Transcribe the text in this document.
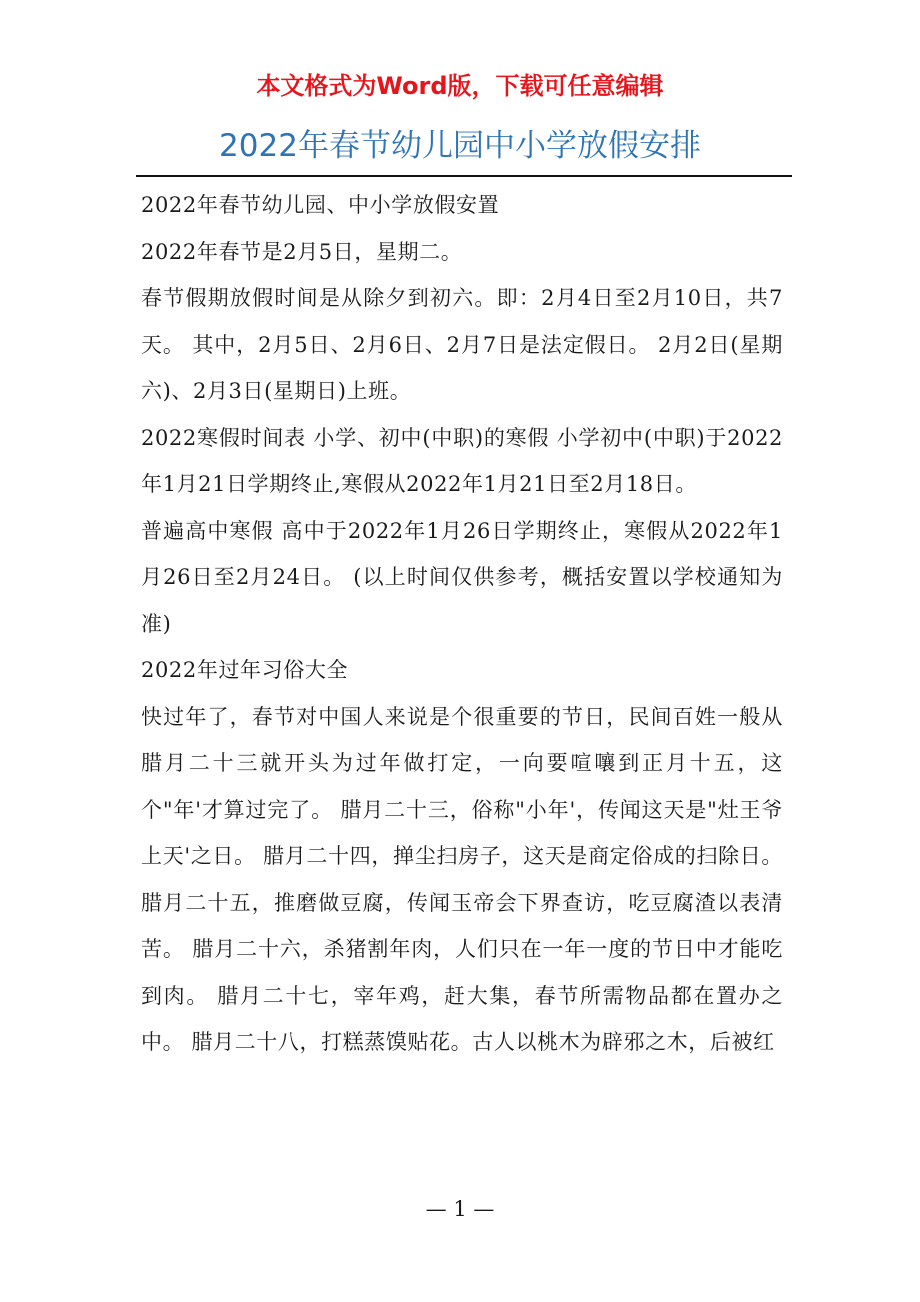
本文格式为Word版，下载可任意编辑
2022年春节幼儿园中小学放假安排

2022年春节幼儿园、中小学放假安置

2022年春节是2月5日，星期二。

春节假期放假时间是从除夕到初六。即：2月4日至2月10日，共7天。 其中，2月5日、2月6日、2月7日是法定假日。 2月2日(星期六)、2月3日(星期日)上班。

2022寒假时间表 小学、初中(中职)的寒假 小学初中(中职)于2022年1月21日学期终止,寒假从2022年1月21日至2月18日。

普遍高中寒假 高中于2022年1月26日学期终止，寒假从2022年1月26日至2月24日。 (以上时间仅供参考，概括安置以学校通知为准)

2022年过年习俗大全

快过年了，春节对中国人来说是个很重要的节日，民间百姓一般从腊月二十三就开头为过年做打定，一向要喧嚷到正月十五，这个"年'才算过完了。 腊月二十三，俗称"小年'，传闻这天是"灶王爷上天'之日。 腊月二十四，掸尘扫房子，这天是商定俗成的扫除日。 腊月二十五，推磨做豆腐，传闻玉帝会下界查访，吃豆腐渣以表清苦。 腊月二十六，杀猪割年肉，人们只在一年一度的节日中才能吃到肉。 腊月二十七，宰年鸡，赶大集，春节所需物品都在置办之中。 腊月二十八，打糕蒸馍贴花。古人以桃木为辟邪之木，后被红

— 1 —
